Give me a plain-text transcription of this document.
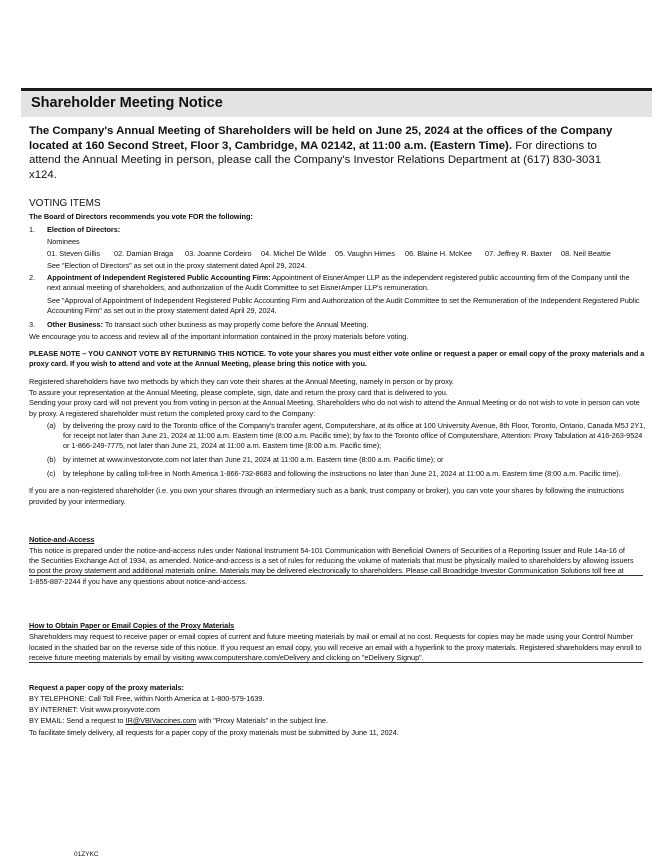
Shareholder Meeting Notice
The Company's Annual Meeting of Shareholders will be held on June 25, 2024 at the offices of the Company located at 160 Second Street, Floor 3, Cambridge, MA 02142, at 11:00 a.m. (Eastern Time). For directions to attend the Annual Meeting in person, please call the Company's Investor Relations Department at (617) 830-3031 x124.
VOTING ITEMS
The Board of Directors recommends you vote FOR the following:
1. Election of Directors:
Nominees
01. Steven Gillis 02. Damian Braga 03. Joanne Cordeiro 04. Michel De Wilde 05. Vaughn Himes 06. Blaine H. McKee 07. Jeffrey R. Baxter 08. Neil Beattie
See "Election of Directors" as set out in the proxy statement dated April 29, 2024.
2. Appointment of Independent Registered Public Accounting Firm: Appointment of EisnerAmper LLP as the independent registered public accounting firm of the Company until the
next annual meeting of shareholders, and authorization of the Audit Committee to set EisnerAmper LLP's remuneration.
See "Approval of Appointment of Independent Registered Public Accounting Firm and Authorization of the Audit Committee to set the Remuneration of the Independent Registered Public
Accounting Firm" as set out in the proxy statement dated April 29, 2024.
3. Other Business: To transact such other business as may properly come before the Annual Meeting.
We encourage you to access and review all of the important information contained in the proxy materials before voting.
PLEASE NOTE – YOU CANNOT VOTE BY RETURNING THIS NOTICE. To vote your shares you must either vote online or request a paper or email copy of the proxy materials and a
proxy card. If you wish to attend and vote at the Annual Meeting, please bring this notice with you.
Registered shareholders have two methods by which they can vote their shares at the Annual Meeting, namely in person or by proxy.
To assure your representation at the Annual Meeting, please complete, sign, date and return the proxy card that is delivered to you.
Sending your proxy card will not prevent you from voting in person at the Annual Meeting. Shareholders who do not wish to attend the Annual Meeting or do not wish to vote in person can vote
by proxy. A registered shareholder must return the completed proxy card to the Company:
(a) by delivering the proxy card to the Toronto office of the Company's transfer agent, Computershare, at its office at 100 University Avenue, 8th Floor, Toronto, Ontario, Canada M5J 2Y1,
for receipt not later than June 21, 2024 at 11:00 a.m. Eastern time (8:00 a.m. Pacific time); by fax to the Toronto office of Computershare, Attention: Proxy Tabulation at 416-263-9524
or 1-866-249-7775, not later than June 21, 2024 at 11:00 a.m. Eastern time (8:00 a.m. Pacific time);
(b) by internet at www.investorvote.com not later than June 21, 2024 at 11:00 a.m. Eastern time (8:00 a.m. Pacific time); or
(c) by telephone by calling toll-free in North America 1-866-732-8683 and following the instructions no later than June 21, 2024 at 11:00 a.m. Eastern time (8:00 a.m. Pacific time).
If you are a non-registered shareholder (i.e. you own your shares through an intermediary such as a bank, trust company or broker), you can vote your shares by following the instructions
provided by your intermediary.
Notice-and-Access
This notice is prepared under the notice-and-access rules under National Instrument 54-101 Communication with Beneficial Owners of Securities of a Reporting Issuer and Rule 14a-16 of
the Securities Exchange Act of 1934, as amended. Notice-and-access is a set of rules for reducing the volume of materials that must be physically mailed to shareholders by allowing issuers
to post the proxy statement and additional materials online. Materials may be delivered electronically to shareholders. Please call Broadridge Investor Communication Solutions toll free at
1-855-887-2244 if you have any questions about notice-and-access.
How to Obtain Paper or Email Copies of the Proxy Materials
Shareholders may request to receive paper or email copies of current and future meeting materials by mail or email at no cost. Requests for copies may be made using your Control Number
located in the shaded bar on the reverse side of this notice. If you request an email copy, you will receive an email with a hyperlink to the proxy materials. Registered shareholders may enroll to
receive future meeting materials by email by visiting www.computershare.com/eDelivery and clicking on "eDelivery Signup".
Request a paper copy of the proxy materials:
BY TELEPHONE: Call Toll Free, within North America at 1-800-579-1639.
BY INTERNET: Visit www.proxyvote.com
BY EMAIL: Send a request to IR@VBIVaccines.com with "Proxy Materials" in the subject line.
To facilitate timely delivery, all requests for a paper copy of the proxy materials must be submitted by June 11, 2024.
01ZYKC
